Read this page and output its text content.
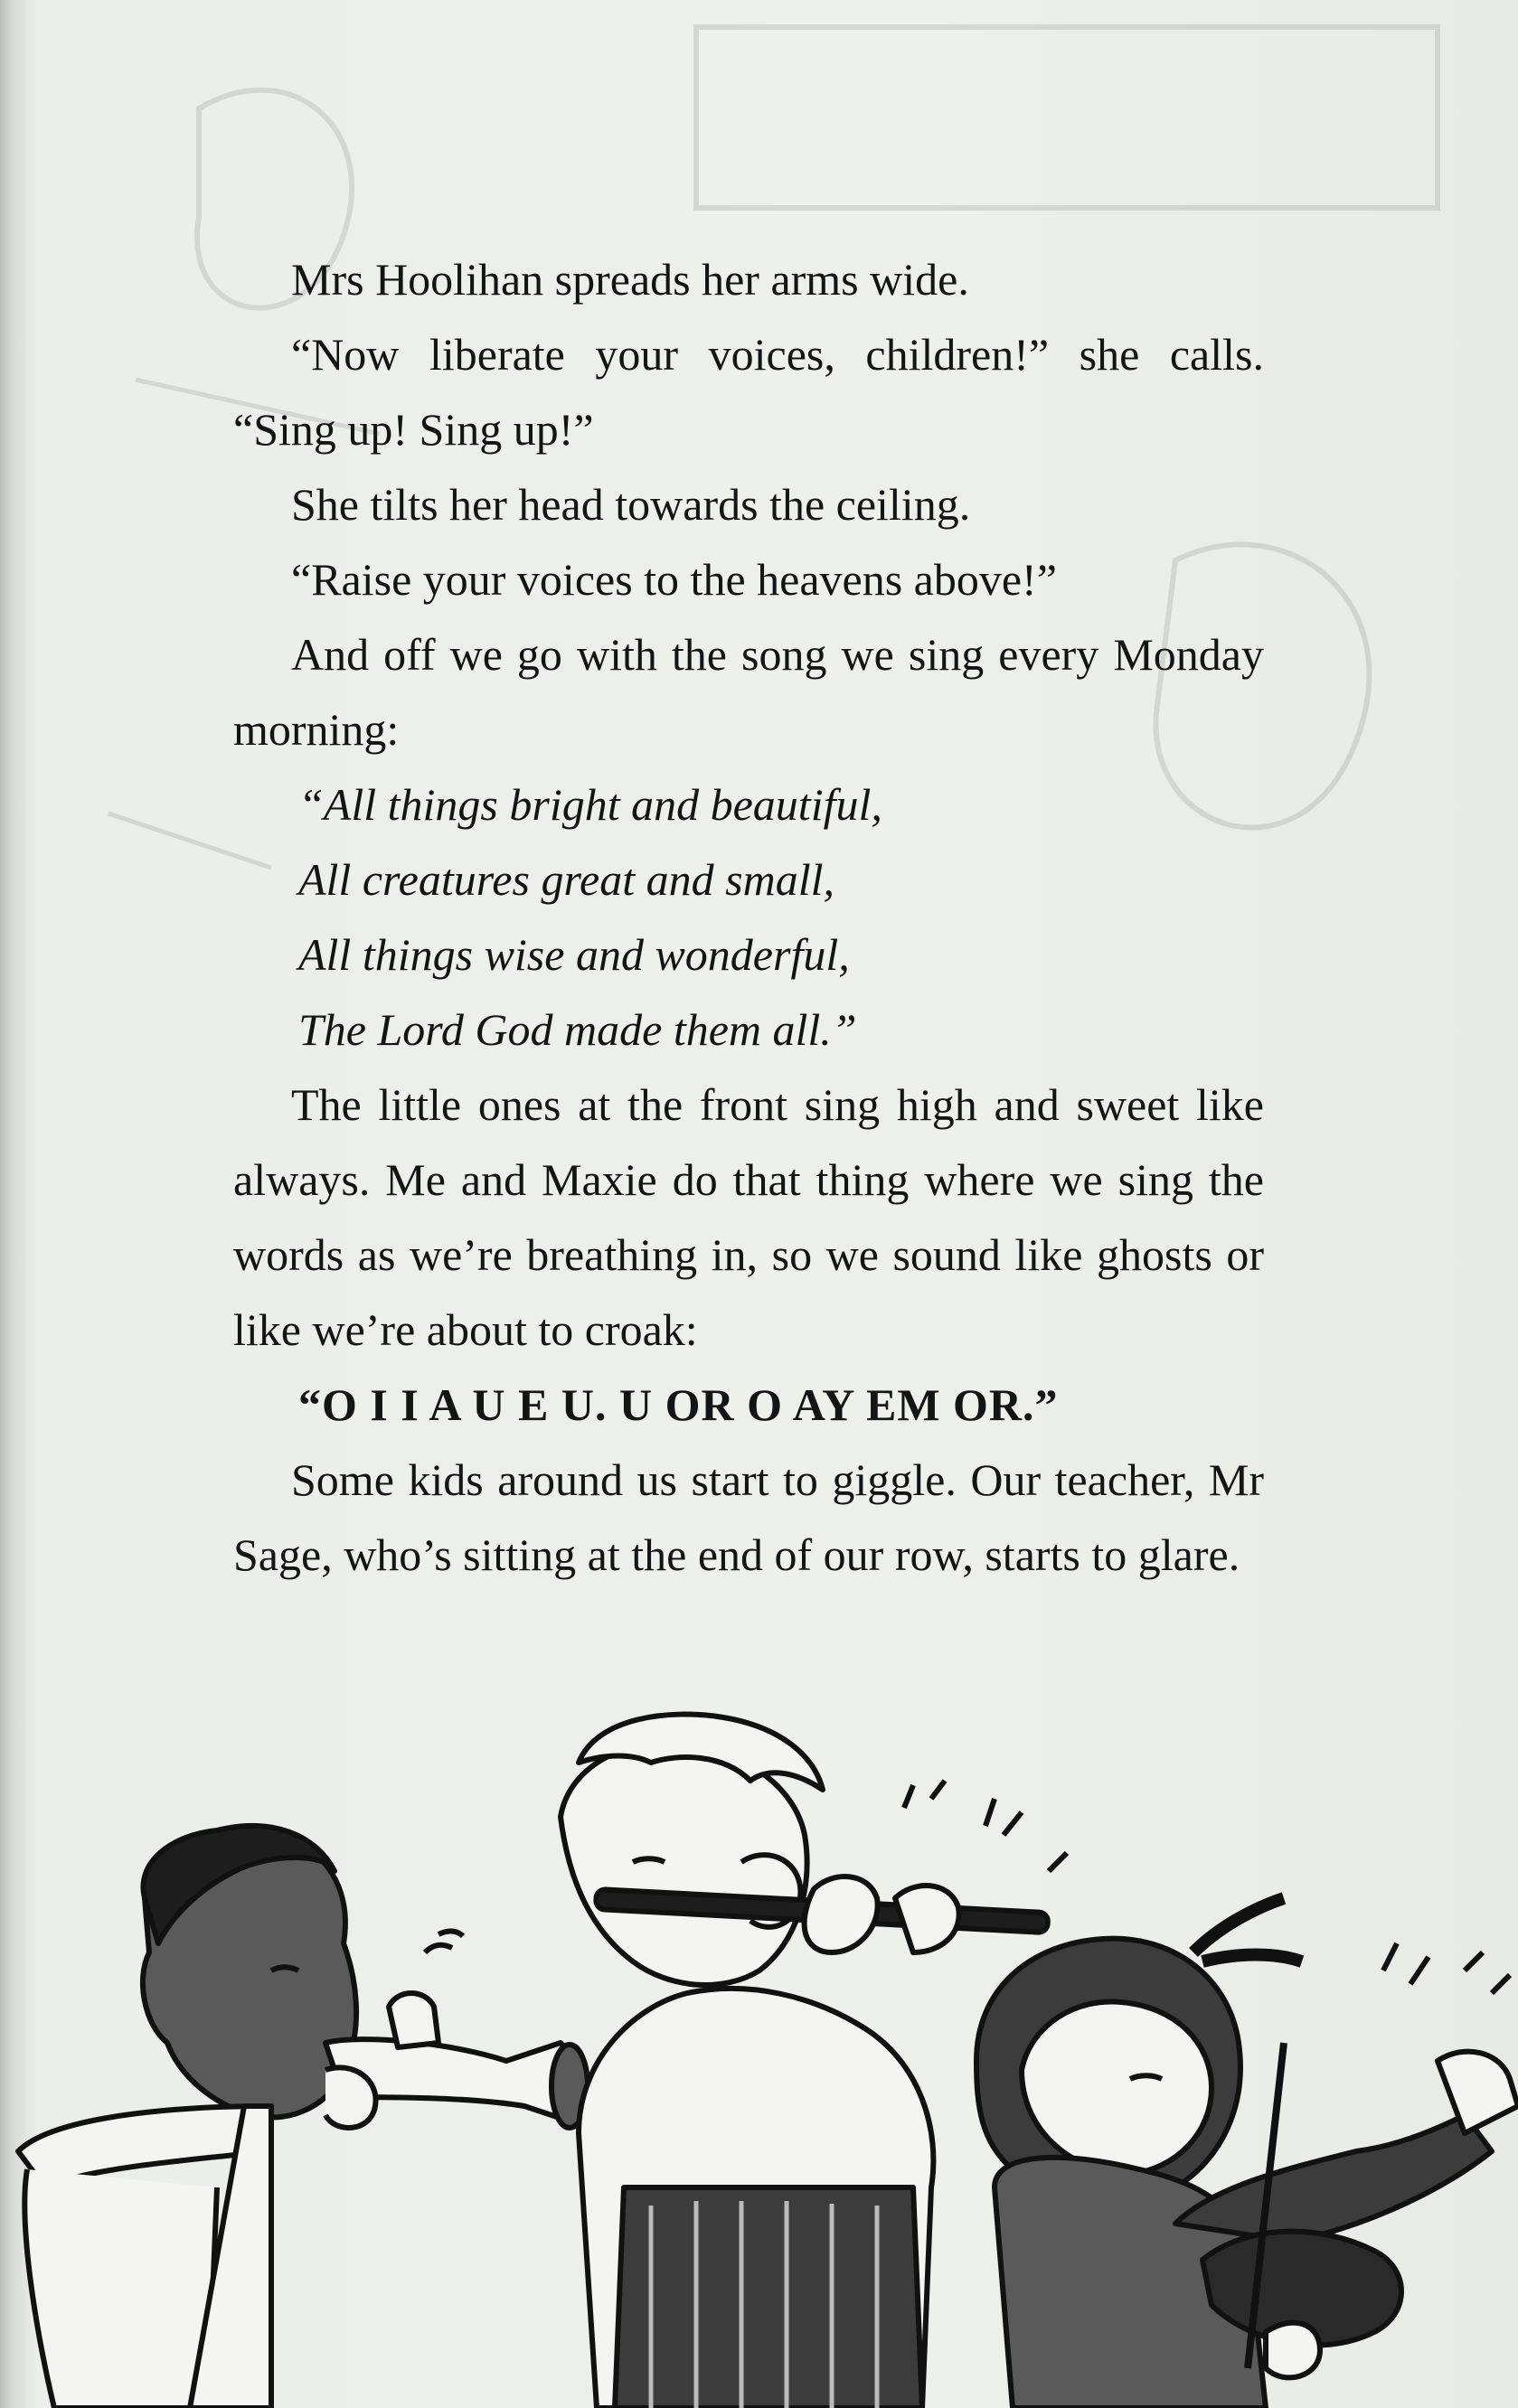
Mrs Hoolihan spreads her arms wide.

“Now liberate your voices, children!” she calls. “Sing up! Sing up!”

She tilts her head towards the ceiling.

“Raise your voices to the heavens above!”

And off we go with the song we sing every Monday morning:

“All things bright and beautiful,

All creatures great and small,

All things wise and wonderful,

The Lord God made them all.”

The little ones at the front sing high and sweet like always. Me and Maxie do that thing where we sing the words as we’re breathing in, so we sound like ghosts or like we’re about to croak:

“O I I A U E U. U OR O AY EM OR.”

Some kids around us start to giggle. Our teacher, Mr Sage, who’s sitting at the end of our row, starts to glare.
